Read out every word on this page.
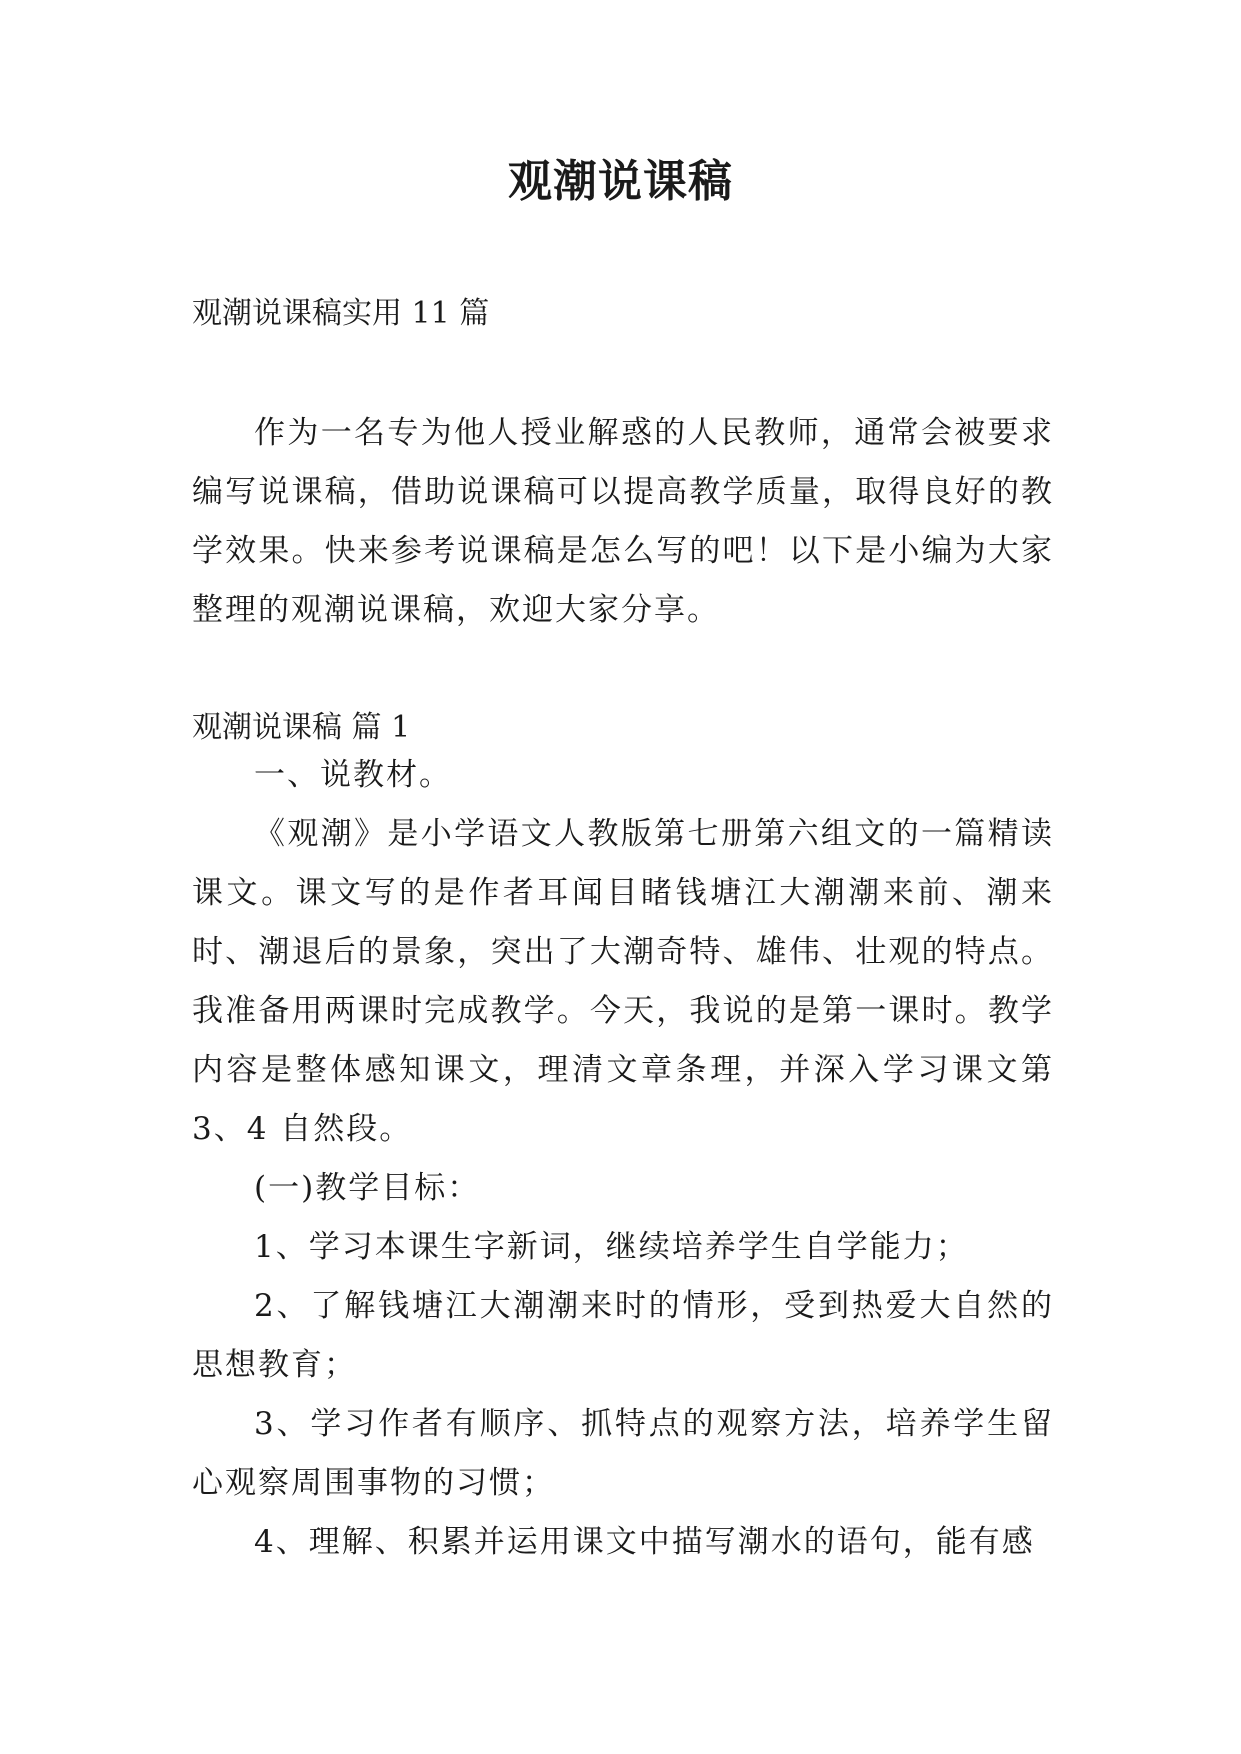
观潮说课稿
观潮说课稿实用 11 篇

作为一名专为他人授业解惑的人民教师，通常会被要求编写说课稿，借助说课稿可以提高教学质量，取得良好的教学效果。快来参考说课稿是怎么写的吧！以下是小编为大家整理的观潮说课稿，欢迎大家分享。

观潮说课稿 篇 1

一、说教材。

《观潮》是小学语文人教版第七册第六组文的一篇精读课文。课文写的是作者耳闻目睹钱塘江大潮潮来前、潮来时、潮退后的景象，突出了大潮奇特、雄伟、壮观的特点。我准备用两课时完成教学。今天，我说的是第一课时。教学内容是整体感知课文，理清文章条理，并深入学习课文第 3、4 自然段。

(一)教学目标：

1、学习本课生字新词，继续培养学生自学能力；

2、了解钱塘江大潮潮来时的情形，受到热爱大自然的思想教育；

3、学习作者有顺序、抓特点的观察方法，培养学生留心观察周围事物的习惯；

4、理解、积累并运用课文中描写潮水的语句，能有感
